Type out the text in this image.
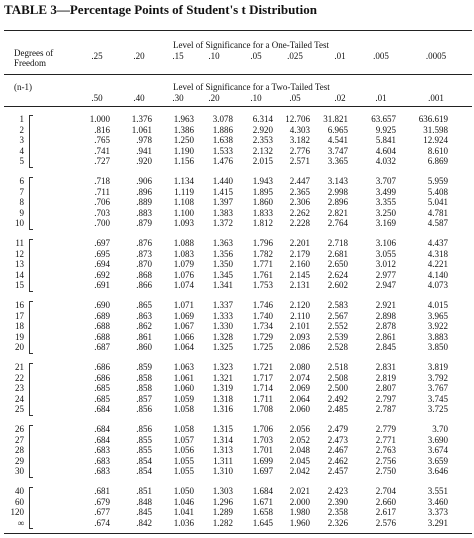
TABLE 3—Percentage Points of Student's t Distribution
Degrees of
Freedom
Level of Significance for a One-Tailed Test
.25	.20	.15	.10	.05	.025	.01	.005	.0005
(n-1)	Level of Significance for a Two-Tailed Test
.50	.40	.30	.20	.10	.05	.02	.01	.001
1	1.000	1.376	1.963	3.078	6.314	12.706	31.821	63.657	636.619
2	.816	1.061	1.386	1.886	2.920	4.303	6.965	9.925	31.598
3	.765	.978	1.250	1.638	2.353	3.182	4.541	5.841	12.924
4	.741	.941	1.190	1.533	2.132	2.776	3.747	4.604	8.610
5	.727	.920	1.156	1.476	2.015	2.571	3.365	4.032	6.869
6	.718	.906	1.134	1.440	1.943	2.447	3.143	3.707	5.959
7	.711	.896	1.119	1.415	1.895	2.365	2.998	3.499	5.408
8	.706	.889	1.108	1.397	1.860	2.306	2.896	3.355	5.041
9	.703	.883	1.100	1.383	1.833	2.262	2.821	3.250	4.781
10	.700	.879	1.093	1.372	1.812	2.228	2.764	3.169	4.587
11	.697	.876	1.088	1.363	1.796	2.201	2.718	3.106	4.437
12	.695	.873	1.083	1.356	1.782	2.179	2.681	3.055	4.318
13	.694	.870	1.079	1.350	1.771	2.160	2.650	3.012	4.221
14	.692	.868	1.076	1.345	1.761	2.145	2.624	2.977	4.140
15	.691	.866	1.074	1.341	1.753	2.131	2.602	2.947	4.073
16	.690	.865	1.071	1.337	1.746	2.120	2.583	2.921	4.015
17	.689	.863	1.069	1.333	1.740	2.110	2.567	2.898	3.965
18	.688	.862	1.067	1.330	1.734	2.101	2.552	2.878	3.922
19	.688	.861	1.066	1.328	1.729	2.093	2.539	2.861	3.883
20	.687	.860	1.064	1.325	1.725	2.086	2.528	2.845	3.850
21	.686	.859	1.063	1.323	1.721	2.080	2.518	2.831	3.819
22	.686	.858	1.061	1.321	1.717	2.074	2.508	2.819	3.792
23	.685	.858	1.060	1.319	1.714	2.069	2.500	2.807	3.767
24	.685	.857	1.059	1.318	1.711	2.064	2.492	2.797	3.745
25	.684	.856	1.058	1.316	1.708	2.060	2.485	2.787	3.725
26	.684	.856	1.058	1.315	1.706	2.056	2.479	2.779	3.70
27	.684	.855	1.057	1.314	1.703	2.052	2.473	2.771	3.690
28	.683	.855	1.056	1.313	1.701	2.048	2.467	2.763	3.674
29	.683	.854	1.055	1.311	1.699	2.045	2.462	2.756	3.659
30	.683	.854	1.055	1.310	1.697	2.042	2.457	2.750	3.646
40	.681	.851	1.050	1.303	1.684	2.021	2.423	2.704	3.551
60	.679	.848	1.046	1.296	1.671	2.000	2.390	2.660	3.460
120	.677	.845	1.041	1.289	1.658	1.980	2.358	2.617	3.373
∞	.674	.842	1.036	1.282	1.645	1.960	2.326	2.576	3.291
